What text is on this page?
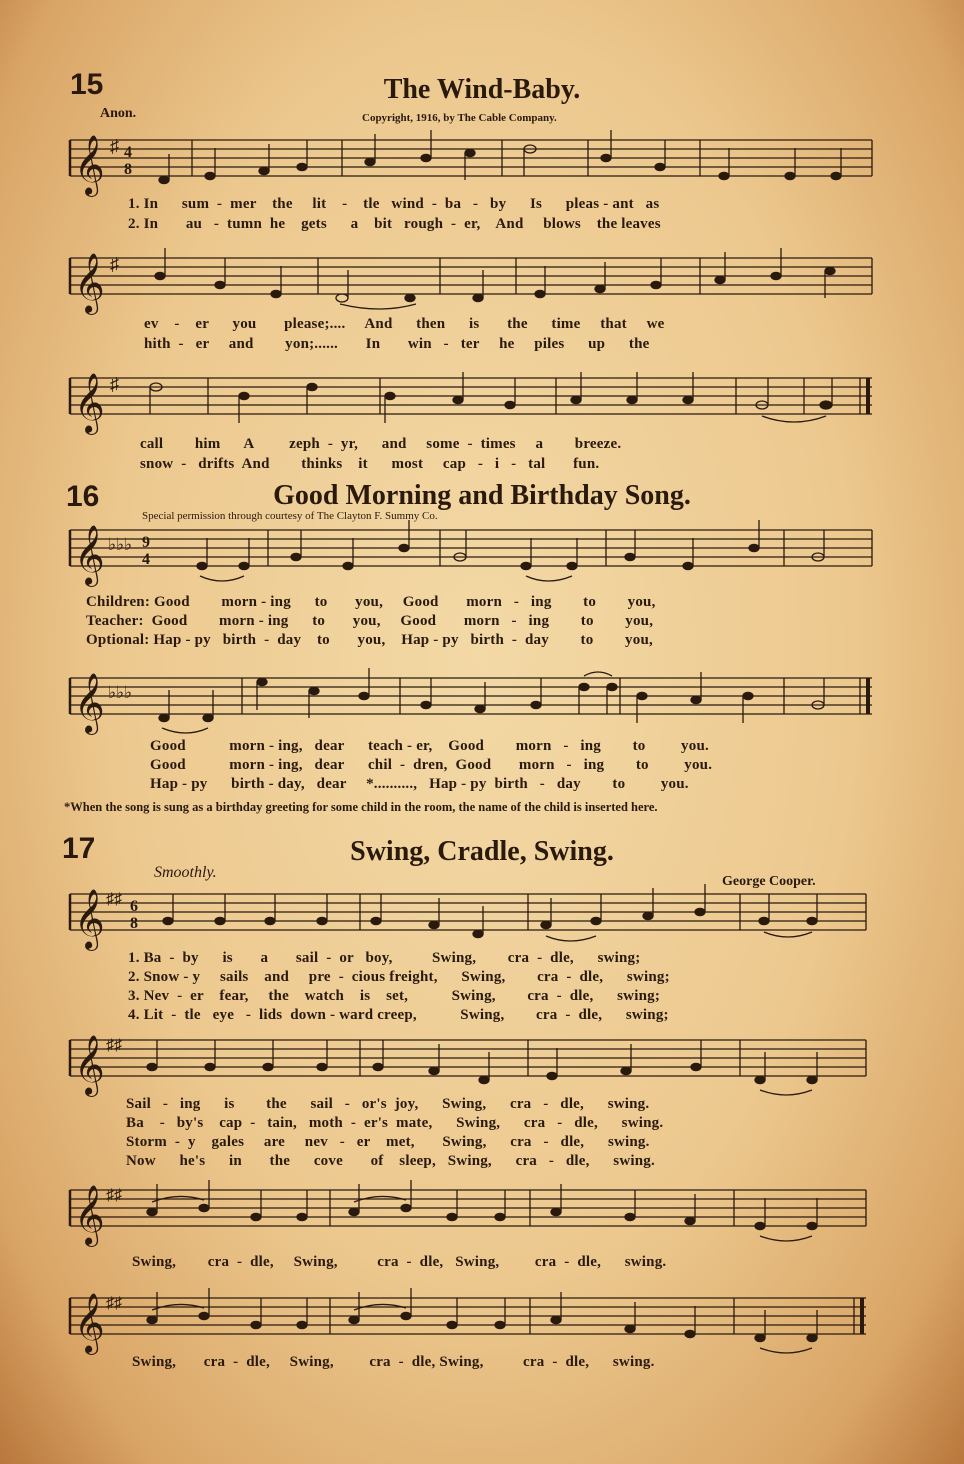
15	The Wind-Baby.
Anon.	Copyright, 1916, by The Cable Company.
𝄞 ♯ 4
8
1. In      sum  -  mer    the     lit    -    tle   wind  -  ba   -   by      Is      pleas - ant   as
2. In       au   -  tumn  he    gets      a    bit   rough  -  er,    And     blows    the leaves
𝄞 ♯
ev    -    er      you       please;....     And      then      is       the      time     that     we
hith  -   er     and        yon;......       In       win   -   ter     he     piles      up      the
𝄞 ♯
call        him      A         zeph  -  yr,      and     some  -  times     a        breeze.
snow  -   drifts  And        thinks    it      most     cap   -   i   -   tal       fun.
16	Good Morning and Birthday Song.
Special permission through courtesy of The Clayton F. Summy Co.
𝄞 ♭♭♭ 9
4
Children: Good        morn - ing      to       you,     Good       morn   -   ing        to        you,
Teacher:  Good        morn - ing      to       you,     Good       morn   -   ing        to        you,
Optional: Hap - py   birth  -  day    to       you,    Hap - py   birth  -  day        to        you,
𝄞 ♭♭♭
Good           morn - ing,   dear      teach - er,    Good        morn   -   ing        to         you.
Good           morn - ing,   dear      chil  -  dren,  Good       morn   -   ing        to         you.
Hap - py      birth - day,   dear     *..........,   Hap - py  birth   -   day        to         you.
*When the song is sung as a birthday greeting for some child in the room, the name of the child is inserted here.
17	Swing, Cradle, Swing.
Smoothly.
George Cooper.
𝄞 ♯♯ 6
8
1. Ba  -  by      is       a       sail  -  or   boy,          Swing,        cra  -  dle,      swing;
2. Snow - y     sails    and     pre  -  cious freight,      Swing,        cra  -  dle,      swing;
3. Nev  -  er    fear,     the    watch    is    set,           Swing,        cra  -  dle,      swing;
4. Lit  -  tle   eye   -  lids  down - ward creep,           Swing,        cra  -  dle,      swing;
𝄞 ♯♯
Sail   -   ing      is        the      sail   -   or's  joy,      Swing,      cra   -   dle,      swing.
Ba    -   by's    cap  -   tain,   moth  -  er's  mate,      Swing,      cra   -   dle,      swing.
Storm  -  y    gales     are     nev   -   er    met,       Swing,      cra   -   dle,      swing.
Now      he's      in       the      cove       of    sleep,   Swing,      cra   -   dle,      swing.
𝄞 ♯♯
Swing,        cra  -  dle,     Swing,          cra  -  dle,   Swing,         cra  -  dle,      swing.
𝄞 ♯♯
Swing,       cra  -  dle,     Swing,         cra  -  dle, Swing,          cra  -  dle,      swing.
